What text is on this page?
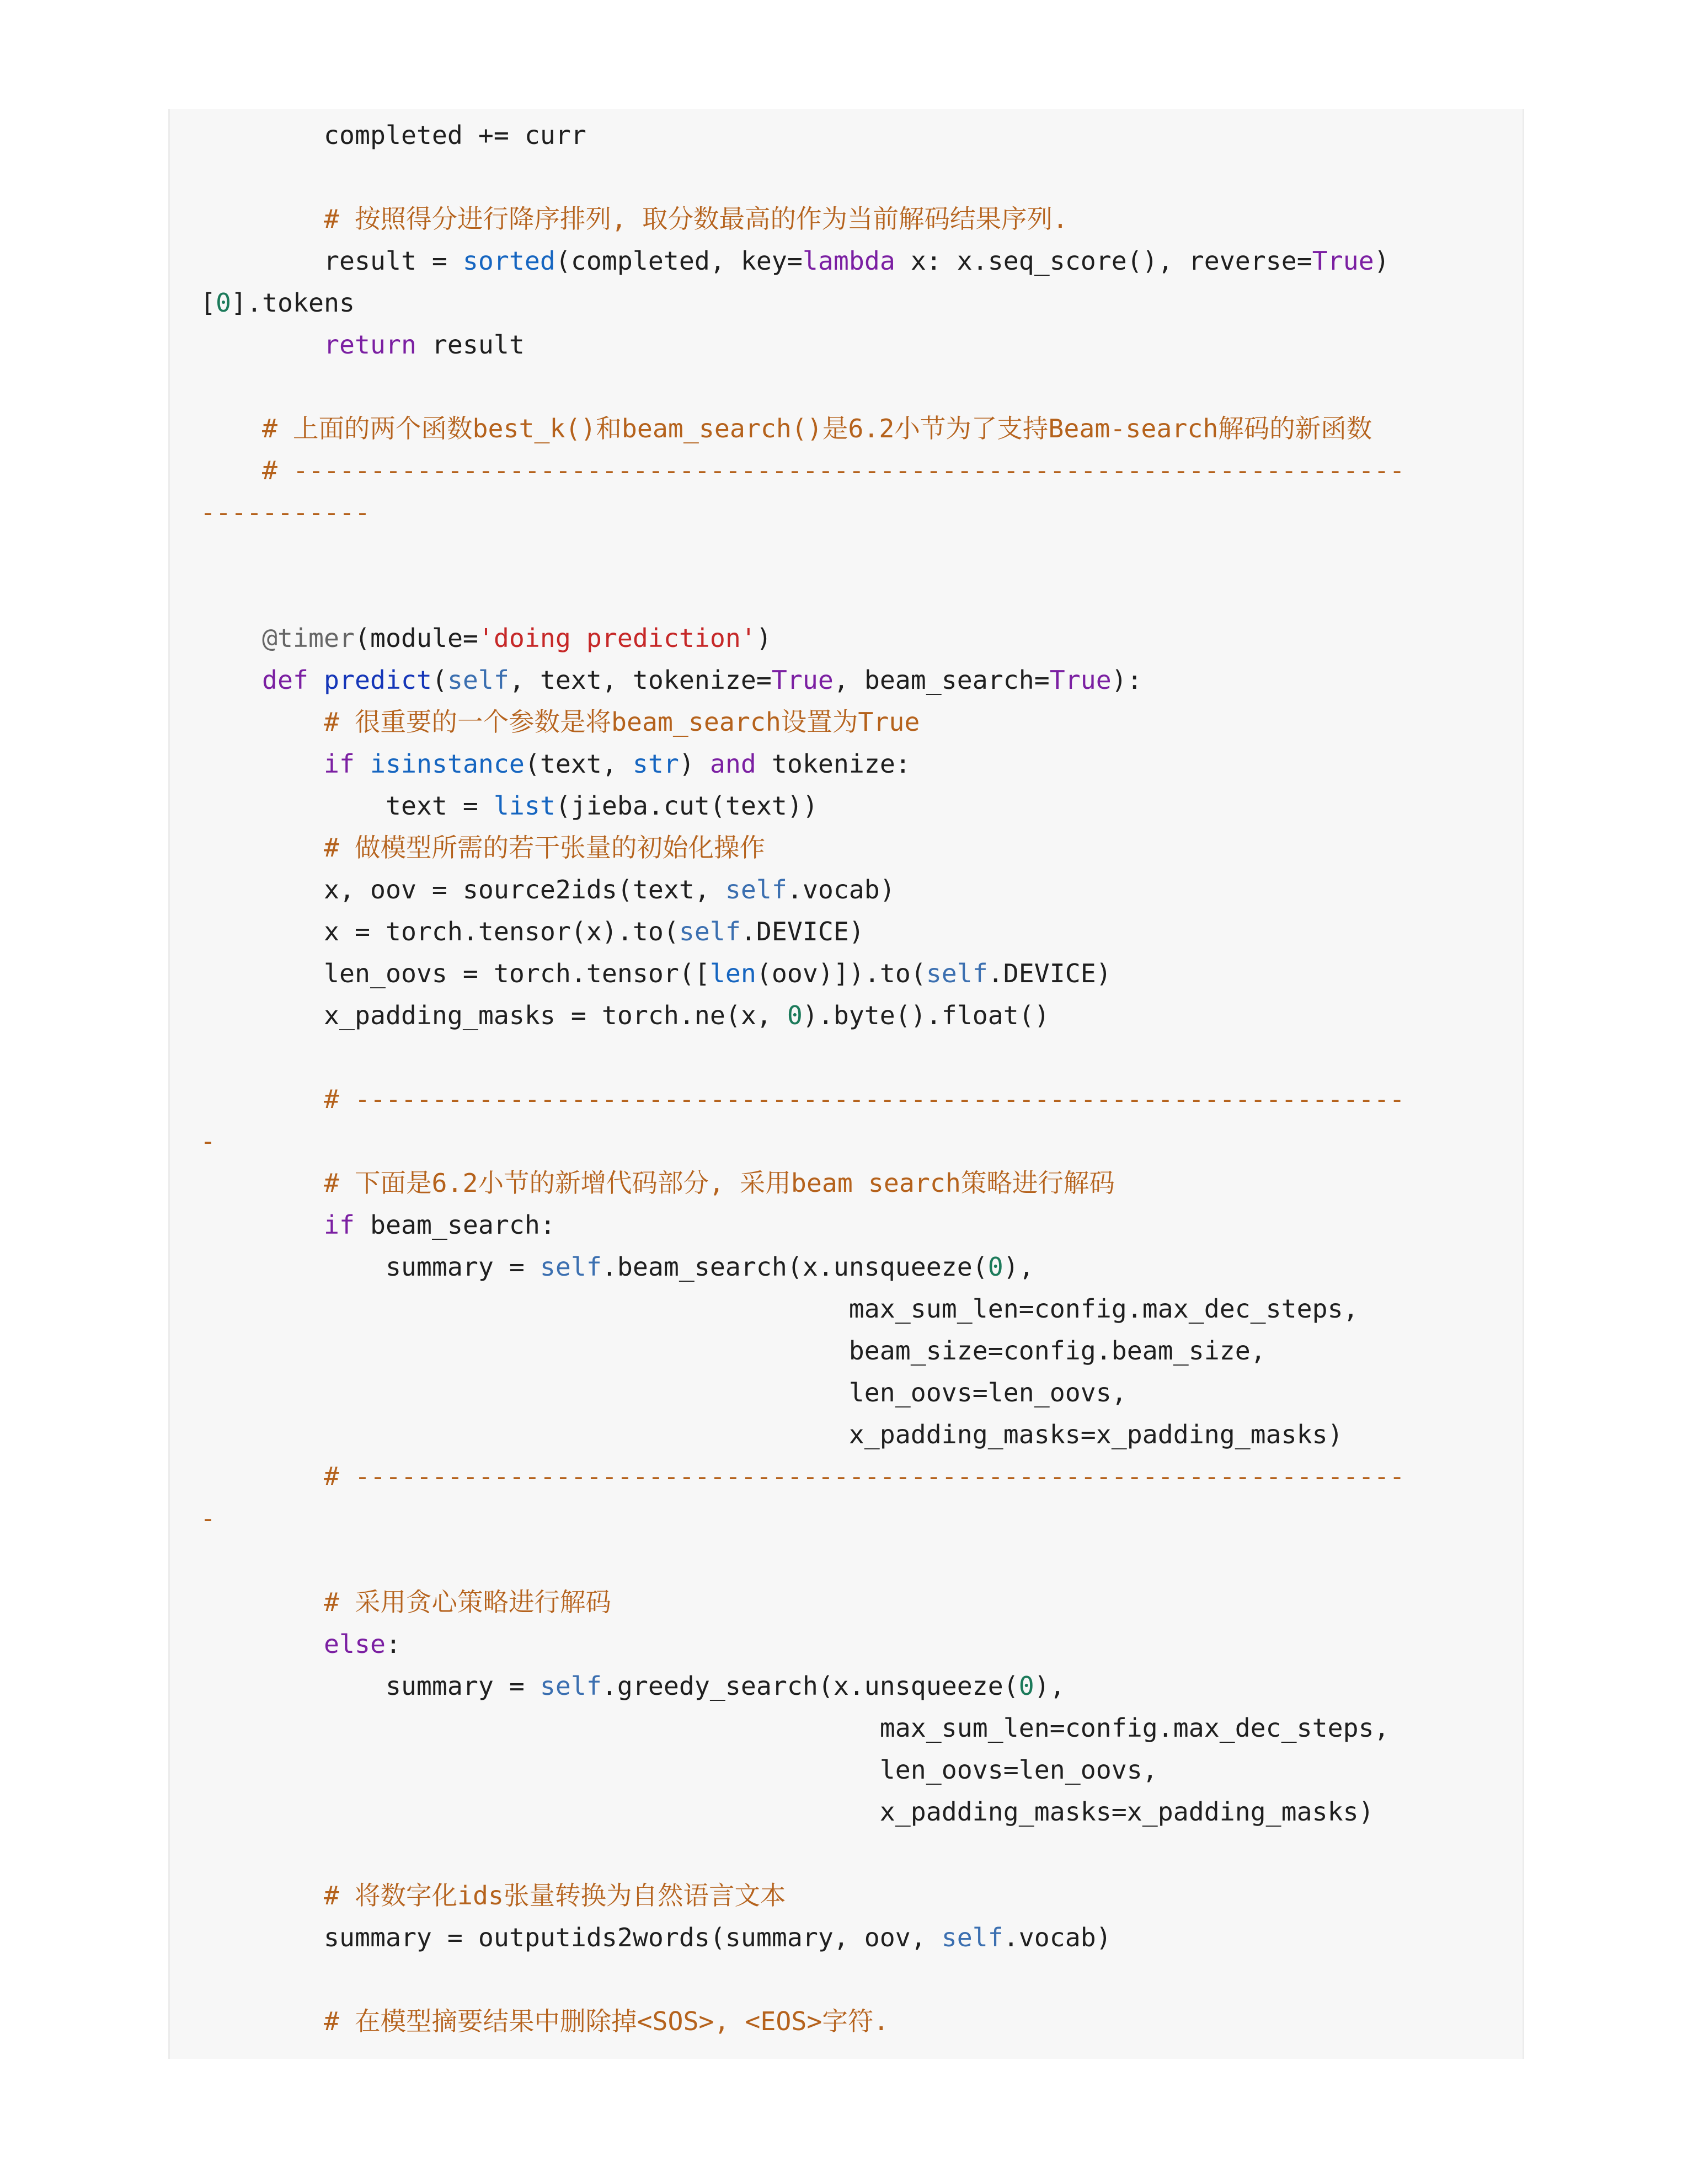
completed += curr

# 按照得分进行降序排列, 取分数最高的作为当前解码结果序列.
result = sorted(completed, key=lambda x: x.seq_score(), reverse=True)
[0].tokens
return result

# 上面的两个函数best_k()和beam_search()是6.2小节为了支持Beam-search解码的新函数
# ------------------------------------------------------------------------
-----------

@timer(module='doing prediction')
def predict(self, text, tokenize=True, beam_search=True):
# 很重要的一个参数是将beam_search设置为True
if isinstance(text, str) and tokenize:
text = list(jieba.cut(text))
# 做模型所需的若干张量的初始化操作
x, oov = source2ids(text, self.vocab)
x = torch.tensor(x).to(self.DEVICE)
len_oovs = torch.tensor([len(oov)]).to(self.DEVICE)
x_padding_masks = torch.ne(x, 0).byte().float()

# --------------------------------------------------------------------
-
# 下面是6.2小节的新增代码部分, 采用beam search策略进行解码
if beam_search:
summary = self.beam_search(x.unsqueeze(0),
max_sum_len=config.max_dec_steps,
beam_size=config.beam_size,
len_oovs=len_oovs,
x_padding_masks=x_padding_masks)
# --------------------------------------------------------------------
-

# 采用贪心策略进行解码
else:
summary = self.greedy_search(x.unsqueeze(0),
max_sum_len=config.max_dec_steps,
len_oovs=len_oovs,
x_padding_masks=x_padding_masks)

# 将数字化ids张量转换为自然语言文本
summary = outputids2words(summary, oov, self.vocab)

# 在模型摘要结果中删除掉<SOS>, <EOS>字符.
